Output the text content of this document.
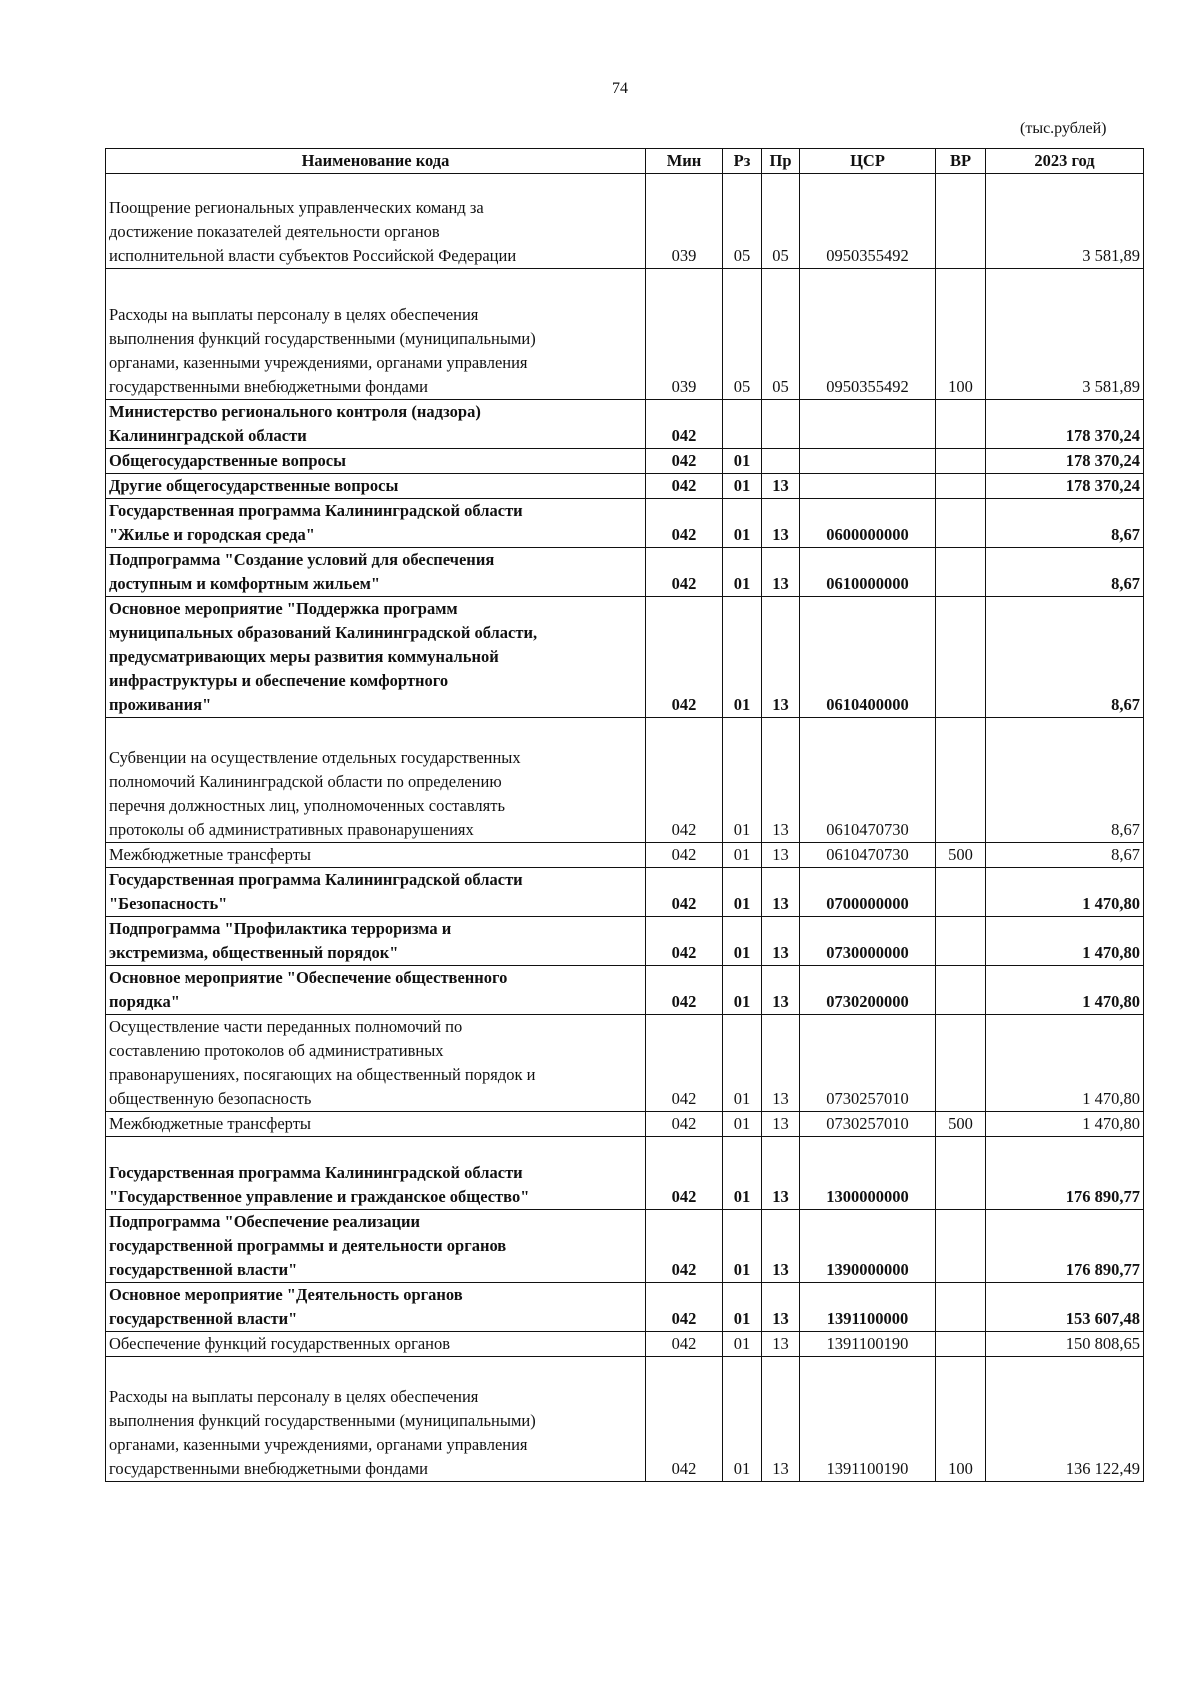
74
(тыс.рублей)
Наименование кода	Мин	Рз	Пр	ЦСР	ВР	2023 год
Поощрение региональных управленческих команд за
достижение показателей деятельности органов
исполнительной власти субъектов Российской Федерации	039	05	05	0950355492		3 581,89
Расходы на выплаты персоналу в целях обеспечения
выполнения функций государственными (муниципальными)
органами, казенными учреждениями, органами управления
государственными внебюджетными фондами	039	05	05	0950355492	100	3 581,89
Министерство регионального контроля (надзора)
Калининградской области	042					178 370,24
Общегосударственные вопросы	042	01				178 370,24
Другие общегосударственные вопросы	042	01	13			178 370,24
Государственная программа Калининградской области
"Жилье и городская среда"	042	01	13	0600000000		8,67
Подпрограмма "Создание условий для обеспечения
доступным и комфортным жильем"	042	01	13	0610000000		8,67
Основное мероприятие "Поддержка программ
муниципальных образований Калининградской области,
предусматривающих меры развития коммунальной
инфраструктуры и обеспечение комфортного
проживания"	042	01	13	0610400000		8,67
Субвенции на осуществление отдельных государственных
полномочий Калининградской области по определению
перечня должностных лиц, уполномоченных составлять
протоколы об административных правонарушениях	042	01	13	0610470730		8,67
Межбюджетные трансферты	042	01	13	0610470730	500	8,67
Государственная программа Калининградской области
"Безопасность"	042	01	13	0700000000		1 470,80
Подпрограмма "Профилактика терроризма и
экстремизма, общественный порядок"	042	01	13	0730000000		1 470,80
Основное мероприятие "Обеспечение общественного
порядка"	042	01	13	0730200000		1 470,80
Осуществление части переданных полномочий по
составлению протоколов об административных
правонарушениях, посягающих на общественный порядок и
общественную безопасность	042	01	13	0730257010		1 470,80
Межбюджетные трансферты	042	01	13	0730257010	500	1 470,80
Государственная программа Калининградской области
"Государственное управление и гражданское общество"	042	01	13	1300000000		176 890,77
Подпрограмма "Обеспечение реализации
государственной программы и деятельности органов
государственной власти"	042	01	13	1390000000		176 890,77
Основное мероприятие "Деятельность органов
государственной власти"	042	01	13	1391100000		153 607,48
Обеспечение функций государственных органов	042	01	13	1391100190		150 808,65
Расходы на выплаты персоналу в целях обеспечения
выполнения функций государственными (муниципальными)
органами, казенными учреждениями, органами управления
государственными внебюджетными фондами	042	01	13	1391100190	100	136 122,49
